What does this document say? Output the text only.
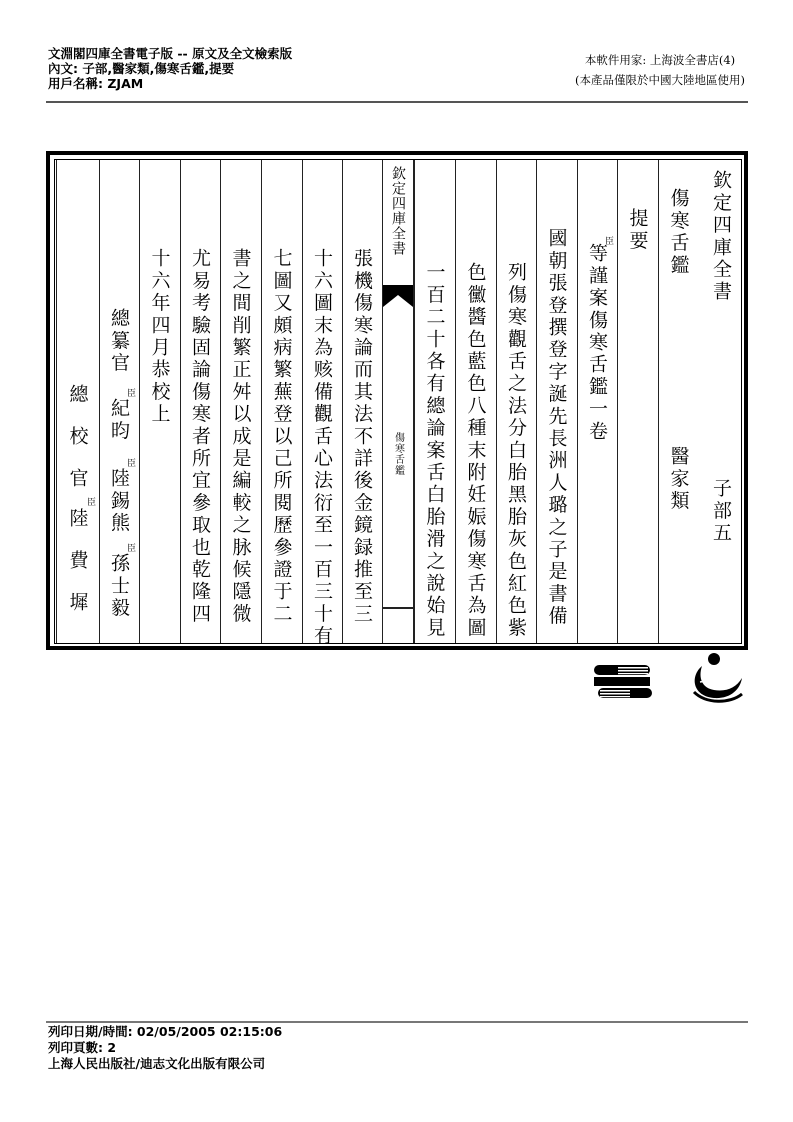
文淵閣四庫全書電子版 -- 原文及全文檢索版
內文: 子部,醫家類,傷寒舌鑑,提要
用戶名稱: ZJAM
本軟件用家: 上海波全書店(4)
(本產品僅限於中國大陸地區使用)
欽定四庫全書
子部五
傷寒舌鑑
醫家類
提要
等謹案傷寒舌鑑一卷
臣
國朝張登撰登字誕先長洲人璐之子是書備
列傷寒觀舌之法分白胎黑胎灰色紅色紫
色黴醬色藍色八種末附妊娠傷寒舌為圖
一百二十各有總論案舌白胎滑之說始見
張機傷寒論而其法不詳後金鏡録推至三
十六圖末為赅備觀舌心法衍至一百三十有
七圖又頗病繁蕪登以己所閱歷參證于二
書之間削繁正舛以成是編較之脉候隱微
尤易考驗固論傷寒者所宜參取也乾隆四
十六年四月恭校上
總纂官
臣
紀昀
臣
陸錫熊
臣
孫士毅
總校官
臣
陸費墀
欽定四庫全書
傷寒舌鑑
列印日期/時間: 02/05/2005 02:15:06
列印頁數: 2
上海人民出版社/迪志文化出版有限公司
